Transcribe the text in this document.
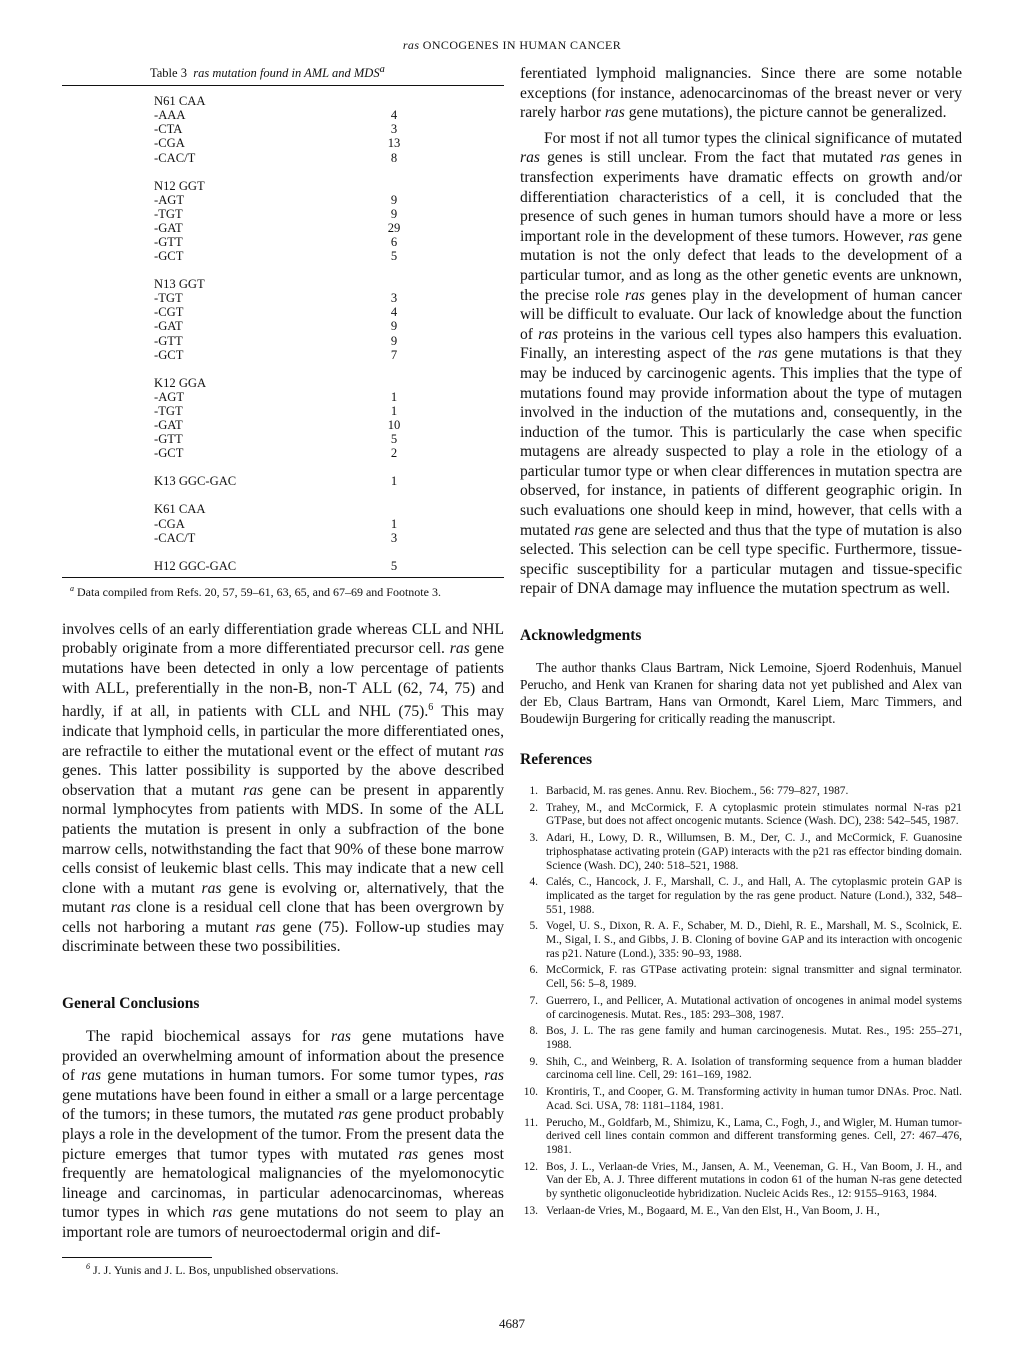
ras ONCOGENES IN HUMAN CANCER
Table 3 ras mutation found in AML and MDS$^a$
N61 CAA	
-AAA	4
-CTA	3
-CGA	13
-CAC/T	8

N12 GGT	
-AGT	9
-TGT	9
-GAT	29
-GTT	6
-GCT	5

N13 GGT	
-TGT	3
-CGT	4
-GAT	9
-GTT	9
-GCT	7

K12 GGA	
-AGT	1
-TGT	1
-GAT	10
-GTT	5
-GCT	2

K13 GGC-GAC	1

K61 CAA	
-CGA	1
-CAC/T	3

H12 GGC-GAC	5
$^a$ Data compiled from Refs. 20, 57, 59–61, 63, 65, and 67–69 and Footnote 3.

involves cells of an early differentiation grade whereas CLL and NHL probably originate from a more differentiated precursor cell. ras gene mutations have been detected in only a low percentage of patients with ALL, preferentially in the non-B, non-T ALL (62, 74, 75) and hardly, if at all, in patients with CLL and NHL (75).$^6$ This may indicate that lymphoid cells, in particular the more differentiated ones, are refractile to either the mutational event or the effect of mutant ras genes. This latter possibility is supported by the above described observation that a mutant ras gene can be present in apparently normal lymphocytes from patients with MDS. In some of the ALL patients the mutation is present in only a subfraction of the bone marrow cells, notwithstanding the fact that 90% of these bone marrow cells consist of leukemic blast cells. This may indicate that a new cell clone with a mutant ras gene is evolving or, alternatively, that the mutant ras clone is a residual cell clone that has been overgrown by cells not harboring a mutant ras gene (75). Follow-up studies may discriminate between these two possibilities.

General Conclusions

The rapid biochemical assays for ras gene mutations have provided an overwhelming amount of information about the presence of ras gene mutations in human tumors. For some tumor types, ras gene mutations have been found in either a small or a large percentage of the tumors; in these tumors, the mutated ras gene product probably plays a role in the development of the tumor. From the present data the picture emerges that tumor types with mutated ras genes most frequently are hematological malignancies of the myelomonocytic lineage and carcinomas, in particular adenocarcinomas, whereas tumor types in which ras gene mutations do not seem to play an important role are tumors of neuroectodermal origin and dif-

$^6$ J. J. Yunis and J. L. Bos, unpublished observations.

ferentiated lymphoid malignancies. Since there are some notable exceptions (for instance, adenocarcinomas of the breast never or very rarely harbor ras gene mutations), the picture cannot be generalized.

For most if not all tumor types the clinical significance of mutated ras genes is still unclear. From the fact that mutated ras genes in transfection experiments have dramatic effects on growth and/or differentiation characteristics of a cell, it is concluded that the presence of such genes in human tumors should have a more or less important role in the development of these tumors. However, ras gene mutation is not the only defect that leads to the development of a particular tumor, and as long as the other genetic events are unknown, the precise role ras genes play in the development of human cancer will be difficult to evaluate. Our lack of knowledge about the function of ras proteins in the various cell types also hampers this evaluation. Finally, an interesting aspect of the ras gene mutations is that they may be induced by carcinogenic agents. This implies that the type of mutations found may provide information about the type of mutagen involved in the induction of the mutations and, consequently, in the induction of the tumor. This is particularly the case when specific mutagens are already suspected to play a role in the etiology of a particular tumor type or when clear differences in mutation spectra are observed, for instance, in patients of different geographic origin. In such evaluations one should keep in mind, however, that cells with a mutated ras gene are selected and thus that the type of mutation is also selected. This selection can be cell type specific. Furthermore, tissue-specific susceptibility for a particular mutagen and tissue-specific repair of DNA damage may influence the mutation spectrum as well.

Acknowledgments

The author thanks Claus Bartram, Nick Lemoine, Sjoerd Rodenhuis, Manuel Perucho, and Henk van Kranen for sharing data not yet published and Alex van der Eb, Claus Bartram, Hans van Ormondt, Karel Liem, Marc Timmers, and Boudewijn Burgering for critically reading the manuscript.

References
1. Barbacid, M. ras genes. Annu. Rev. Biochem., 56: 779–827, 1987.
2. Trahey, M., and McCormick, F. A cytoplasmic protein stimulates normal N-ras p21 GTPase, but does not affect oncogenic mutants. Science (Wash. DC), 238: 542–545, 1987.
3. Adari, H., Lowy, D. R., Willumsen, B. M., Der, C. J., and McCormick, F. Guanosine triphosphatase activating protein (GAP) interacts with the p21 ras effector binding domain. Science (Wash. DC), 240: 518–521, 1988.
4. Calés, C., Hancock, J. F., Marshall, C. J., and Hall, A. The cytoplasmic protein GAP is implicated as the target for regulation by the ras gene product. Nature (Lond.), 332, 548–551, 1988.
5. Vogel, U. S., Dixon, R. A. F., Schaber, M. D., Diehl, R. E., Marshall, M. S., Scolnick, E. M., Sigal, I. S., and Gibbs, J. B. Cloning of bovine GAP and its interaction with oncogenic ras p21. Nature (Lond.), 335: 90–93, 1988.
6. McCormick, F. ras GTPase activating protein: signal transmitter and signal terminator. Cell, 56: 5–8, 1989.
7. Guerrero, I., and Pellicer, A. Mutational activation of oncogenes in animal model systems of carcinogenesis. Mutat. Res., 185: 293–308, 1987.
8. Bos, J. L. The ras gene family and human carcinogenesis. Mutat. Res., 195: 255–271, 1988.
9. Shih, C., and Weinberg, R. A. Isolation of transforming sequence from a human bladder carcinoma cell line. Cell, 29: 161–169, 1982.
10. Krontiris, T., and Cooper, G. M. Transforming activity in human tumor DNAs. Proc. Natl. Acad. Sci. USA, 78: 1181–1184, 1981.
11. Perucho, M., Goldfarb, M., Shimizu, K., Lama, C., Fogh, J., and Wigler, M. Human tumor-derived cell lines contain common and different transforming genes. Cell, 27: 467–476, 1981.
12. Bos, J. L., Verlaan-de Vries, M., Jansen, A. M., Veeneman, G. H., Van Boom, J. H., and Van der Eb, A. J. Three different mutations in codon 61 of the human N-ras gene detected by synthetic oligonucleotide hybridization. Nucleic Acids Res., 12: 9155–9163, 1984.
13. Verlaan-de Vries, M., Bogaard, M. E., Van den Elst, H., Van Boom, J. H.,
4687
